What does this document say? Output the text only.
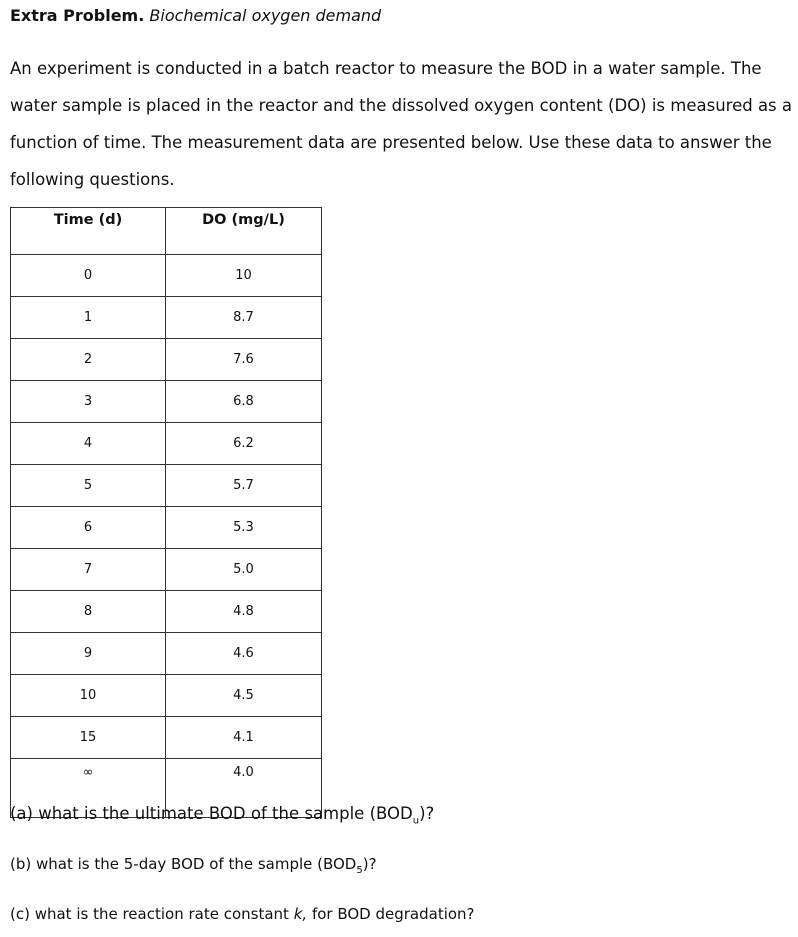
Extra Problem. Biochemical oxygen demand
An experiment is conducted in a batch reactor to measure the BOD in a water sample. The
water sample is placed in the reactor and the dissolved oxygen content (DO) is measured as a
function of time. The measurement data are presented below. Use these data to answer the
following questions.
Time (d)	DO (mg/L)
0	10
1	8.7
2	7.6
3	6.8
4	6.2
5	5.7
6	5.3
7	5.0
8	4.8
9	4.6
10	4.5
15	4.1
∞	4.0
(a) what is the ultimate BOD of the sample $(BOD_u)$?
(b) what is the 5-day BOD of the sample $(BOD_5)$?
(c) what is the reaction rate constant k, for BOD degradation?
